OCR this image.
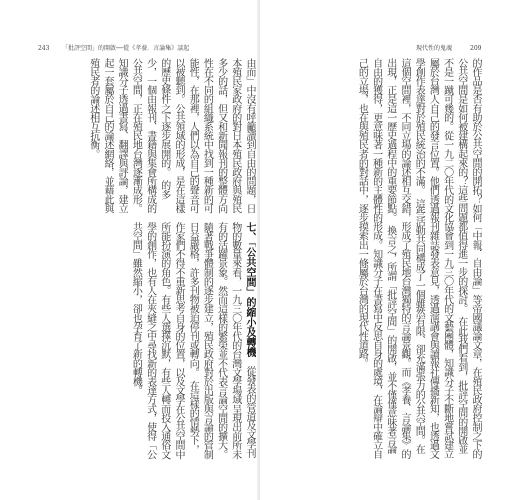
243 「批評空間」的開啟──從《孝養．言論集》談起
由而」中沒有呼籲讀到自由的問題，日本殖民家政府的對日本殖民政府與殖民多少的話，但又和新聞報刊的整體方向性在不同的組織系統中找到一種新的可能性，在那裡，人們以為自己的聲音可以被聽到。公共領域的形成，是在這樣的歷史條件之下逐步展開的。　的多少，一個由報刊、書籍與集會所構成的公共空間，正在殖民地台灣逐漸成形。知識分子透過書寫、翻譯與評論，建立起一套屬於自己的論述網絡，並藉此與殖民者的論述相互抗衡。
七、「公共空間」的縮小及轉機　從發表的管道及文學刊物的數量來看，一九三〇年代的台灣文學場域呈現出前所未有的活躍景象。然而這樣的繁榮並不代表言論空間的擴大。隨著戰爭體制的逐步建立，殖民政府對於出版與言論的管制日益嚴格，許多刊物被迫停刊或轉向。　在這樣的情勢下，作家們不得不重新思考自身的位置，以及文學在公共空間中所能扮演的角色。有些人選擇沉默，有些人轉而投入通俗文學的創作，也有人在夾縫之中尋找新的表達方式，使得「公共空間」雖然縮小，卻也孕育了新的轉機。
現代性的鬼魂	209
的作品是否有助於公共空間的開拓？如何「中報．自由論」等帝國議論文章，在殖民政府控制之下的公共空間是如何被建構起來的？這些問題都值得進一步的探討。　在此我們看到，批評空間的開啟並不是一蹴可幾的。從一九二〇年代的文化協會到一九三〇年代的文藝團體，知識分子不斷地嘗試建立屬於台灣人自己的發言位置。他們透過報刊雜誌發表意見，透過演講會與讀報社傳播新知，也透過文學創作表達對於殖民統治的不滿。　這些活動共同構成了一個雖然有限、卻充滿張力的公共空間。在這個空間裡，不同立場的論述相互交錯，形成了殖民地台灣獨特的言論景觀。而《孝養．言論集》的出現，正是這一歷史過程中的重要節點。　換言之，所謂「批評空間」的開啟，並不僅僅意味著言論自由的獲得，更意味著一種新的主體性的形成。知識分子在書寫中反思自身的處境，在論辯中確立自己的立場，也在與殖民者的對話中，逐步摸索出一條屬於台灣的現代性道路。
